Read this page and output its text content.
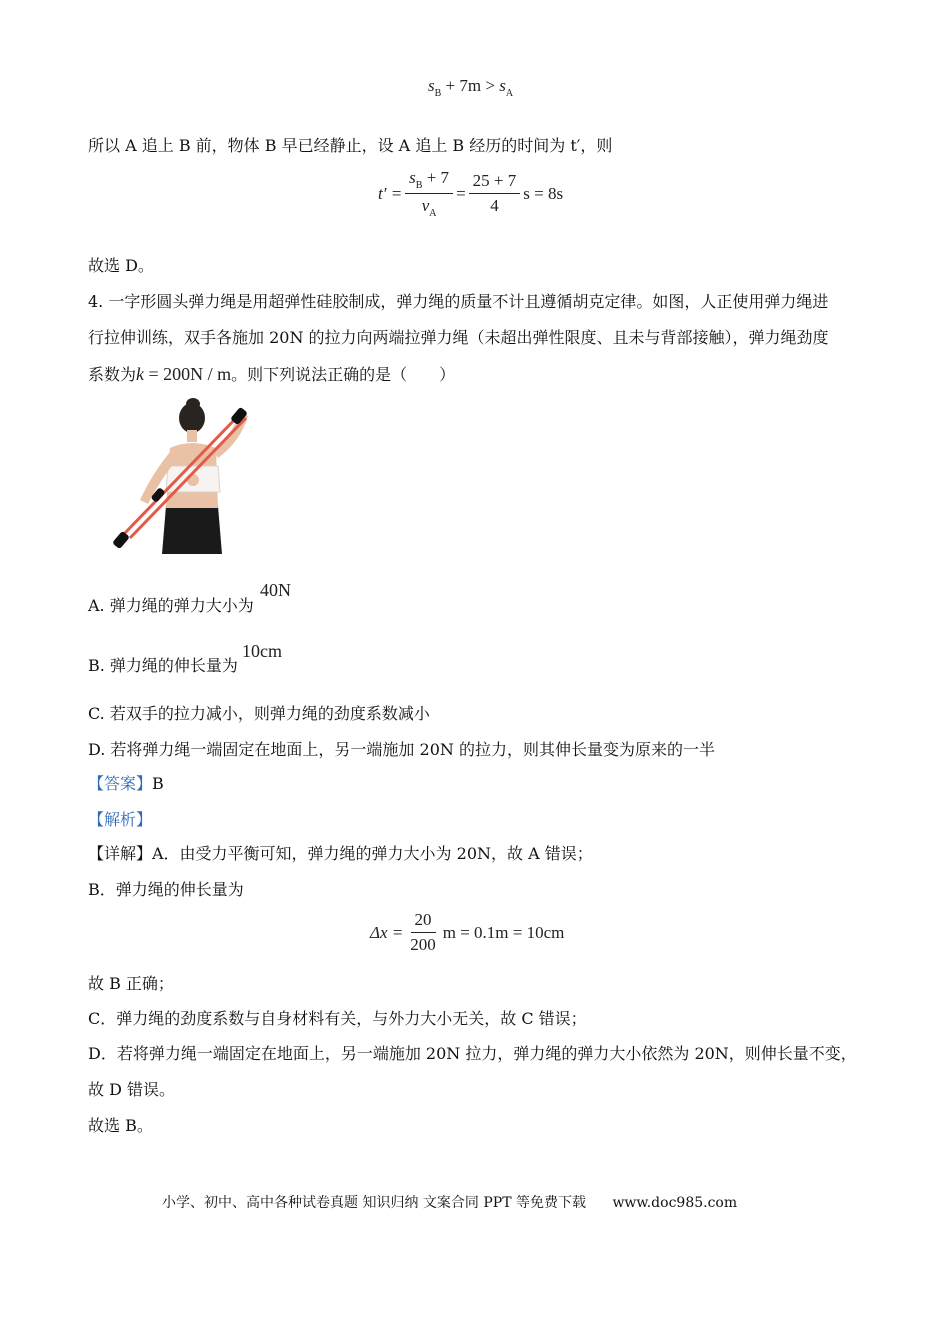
$s_B + 7m > s_A$
所以 A 追上 B 前，物体 B 早已经静止，设 A 追上 B 经历的时间为 t′，则
$t' = \frac{s_B + 7}{v_A} = \frac{25 + 7}{4}$ s = 8s
故选 D。
4. 一字形圆头弹力绳是用超弹性硅胶制成，弹力绳的质量不计且遵循胡克定律。如图，人正使用弹力绳进
行拉伸训练，双手各施加 20N 的拉力向两端拉弹力绳（未超出弹性限度、且未与背部接触），弹力绳劲度
系数为k = 200N / m。则下列说法正确的是（　　）
A. 弹力绳的弹力大小为
40N
B. 弹力绳的伸长量为
10cm
C. 若双手的拉力减小，则弹力绳的劲度系数减小
D. 若将弹力绳一端固定在地面上，另一端施加 20N 的拉力，则其伸长量变为原来的一半
【答案】B
【解析】
【详解】A．由受力平衡可知，弹力绳的弹力大小为 20N，故 A 错误；
B．弹力绳的伸长量为
$\Delta x = \frac{20}{200}$ m = 0.1m = 10cm
故 B 正确；
C．弹力绳的劲度系数与自身材料有关，与外力大小无关，故 C 错误；
D．若将弹力绳一端固定在地面上，另一端施加 20N 拉力，弹力绳的弹力大小依然为 20N，则伸长量不变，
故 D 错误。
故选 B。
小学、初中、高中各种试卷真题 知识归纳 文案合同 PPT 等免费下载 www.doc985.com
